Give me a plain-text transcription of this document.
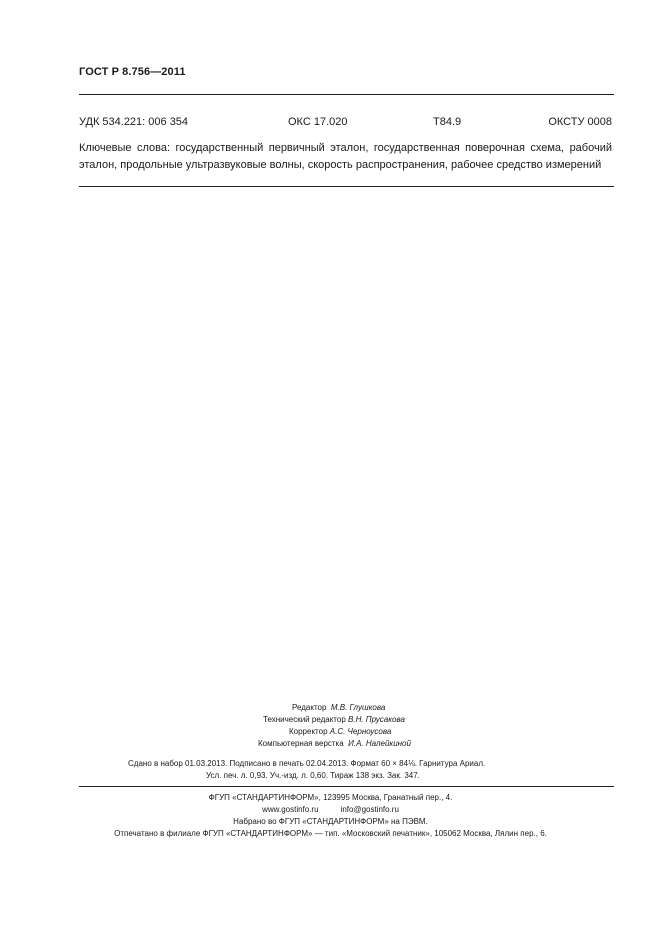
ГОСТ Р 8.756—2011
УДК 534.221: 006 354	ОКС 17.020	Т84.9	ОКСТУ 0008
Ключевые слова: государственный первичный эталон, государственная поверочная схема, рабочий эталон, продольные ультразвуковые волны, скорость распространения, рабочее средство измерений
Редактор М.В. Глушкова
Технический редактор В.Н. Прусакова
Корректор А.С. Черноусова
Компьютерная верстка И.А. Налейкиной
Сдано в набор 01.03.2013. Подписано в печать 02.04.2013. Формат 60 × 84⅛. Гарнитура Ариал.
Усл. печ. л. 0,93. Уч.-изд. л. 0,60. Тираж 138 экз. Зак. 347.
ФГУП «СТАНДАРТИНФОРМ», 123995 Москва, Гранатный пер., 4.
www.gostinfo.ru	info@gostinfo.ru
Набрано во ФГУП «СТАНДАРТИНФОРМ» на ПЭВМ.
Отпечатано в филиале ФГУП «СТАНДАРТИНФОРМ» — тип. «Московский печатник», 105062 Москва, Лялин пер., 6.
